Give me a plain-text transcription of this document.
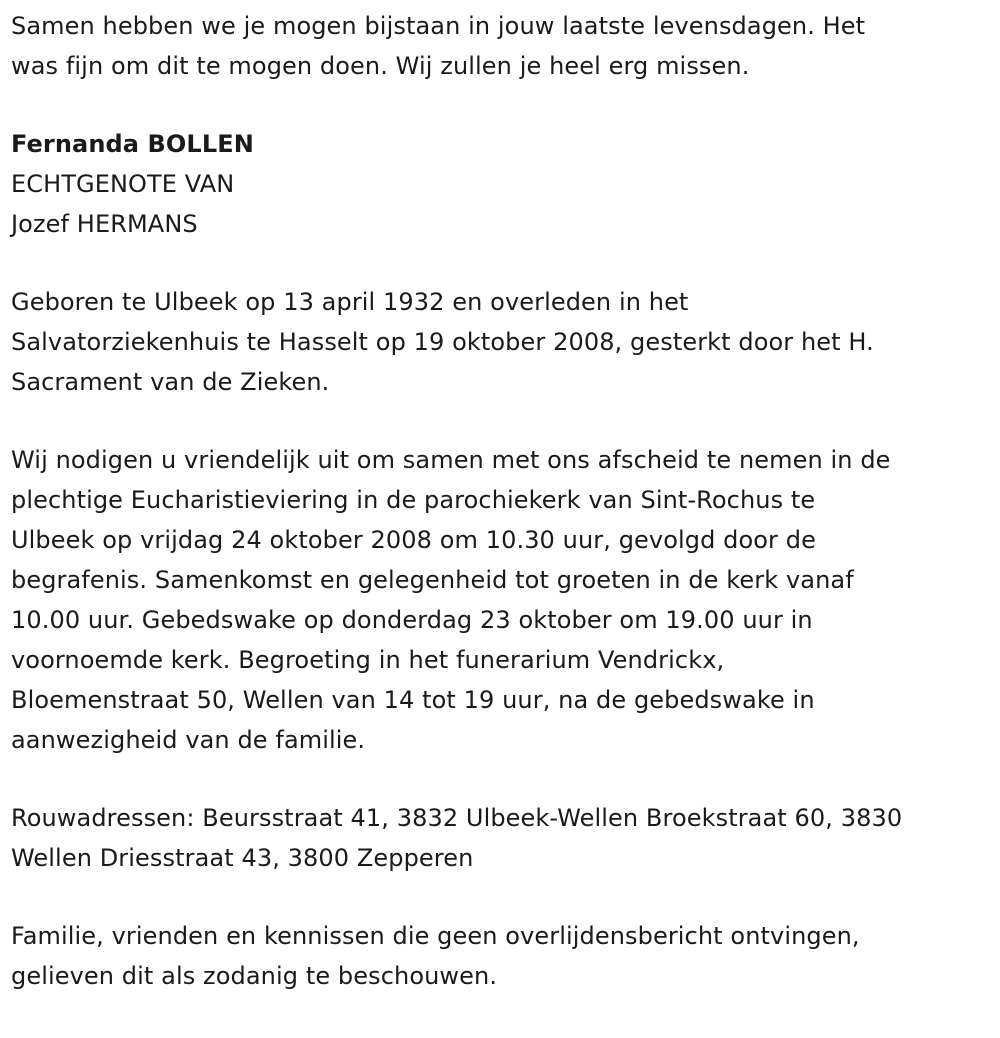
Samen hebben we je mogen bijstaan in jouw laatste levensdagen. Het
was fijn om dit te mogen doen. Wij zullen je heel erg missen.

Fernanda BOLLEN
ECHTGENOTE VAN
Jozef HERMANS

Geboren te Ulbeek op 13 april 1932 en overleden in het
Salvatorziekenhuis te Hasselt op 19 oktober 2008, gesterkt door het H.
Sacrament van de Zieken.

Wij nodigen u vriendelijk uit om samen met ons afscheid te nemen in de
plechtige Eucharistieviering in de parochiekerk van Sint-Rochus te
Ulbeek op vrijdag 24 oktober 2008 om 10.30 uur, gevolgd door de
begrafenis. Samenkomst en gelegenheid tot groeten in de kerk vanaf
10.00 uur. Gebedswake op donderdag 23 oktober om 19.00 uur in
voornoemde kerk. Begroeting in het funerarium Vendrickx,
Bloemenstraat 50, Wellen van 14 tot 19 uur, na de gebedswake in
aanwezigheid van de familie.

Rouwadressen: Beursstraat 41, 3832 Ulbeek-Wellen Broekstraat 60, 3830
Wellen Driesstraat 43, 3800 Zepperen

Familie, vrienden en kennissen die geen overlijdensbericht ontvingen,
gelieven dit als zodanig te beschouwen.
